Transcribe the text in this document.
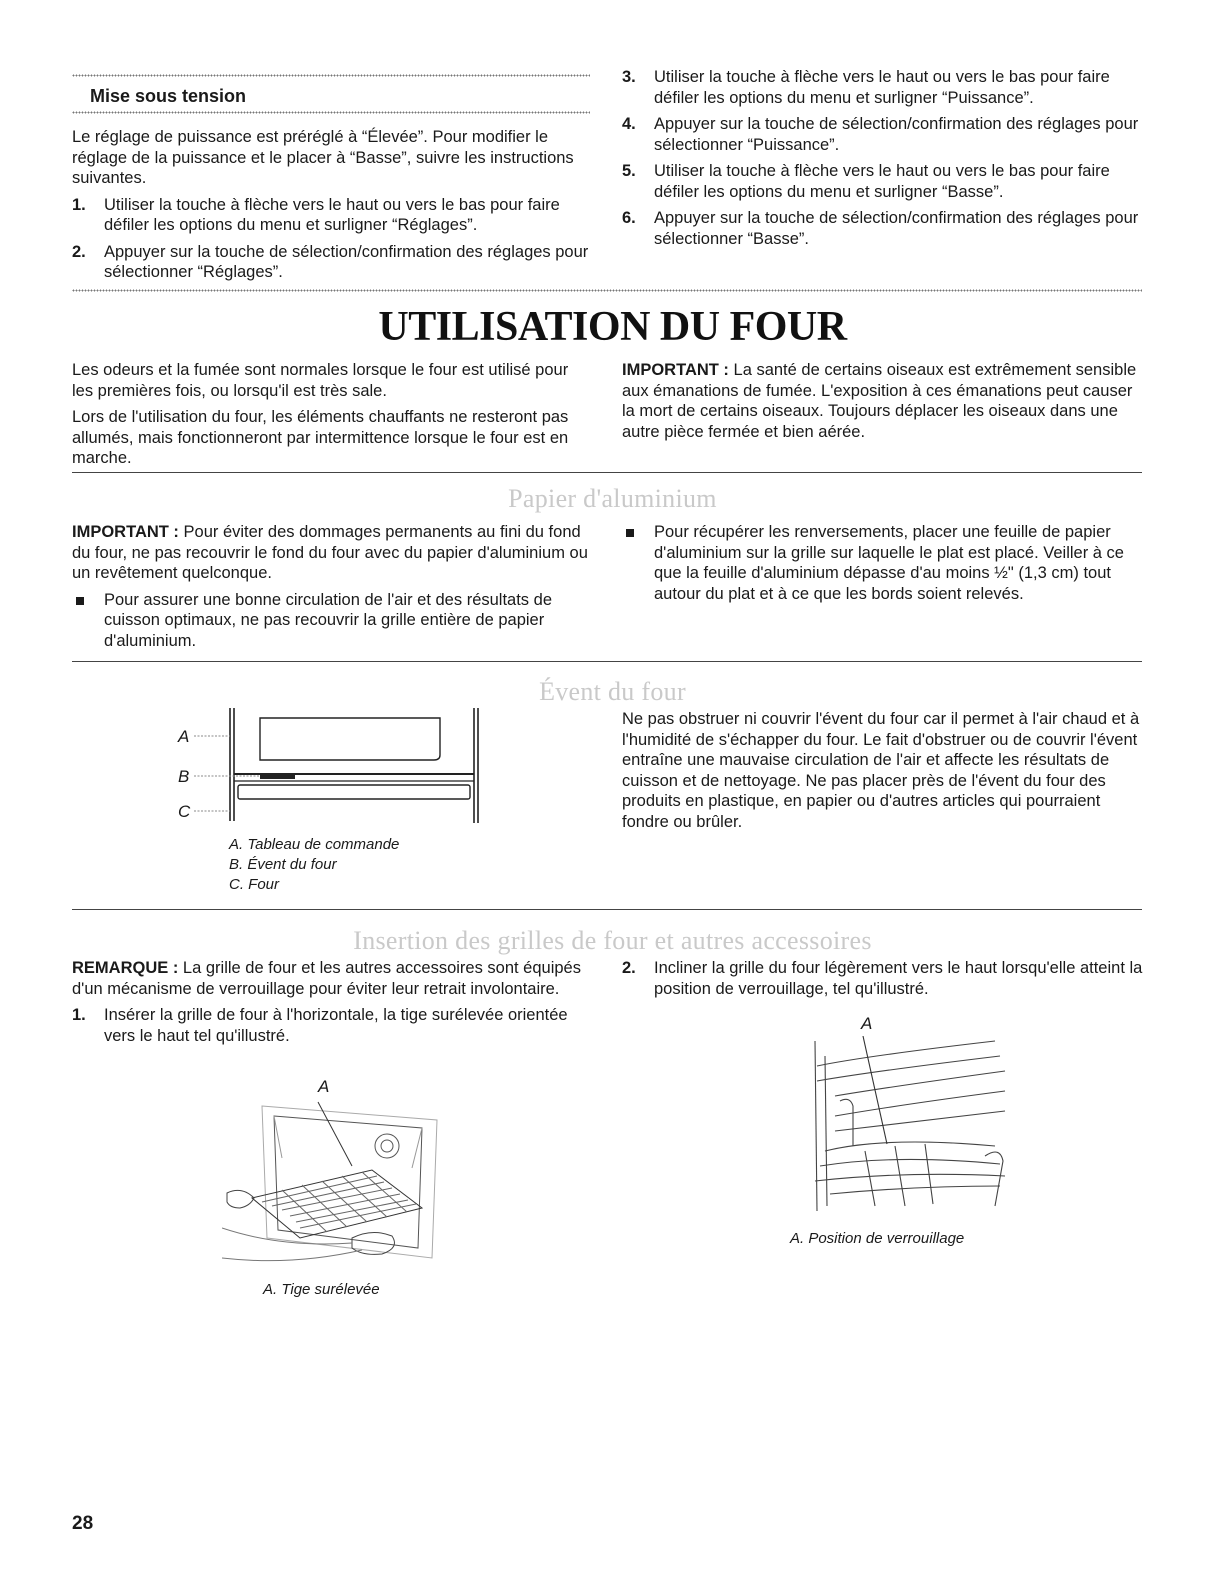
Mise sous tension

Le réglage de puissance est préréglé à “Élevée”. Pour modifier le réglage de la puissance et le placer à “Basse”, suivre les instructions suivantes.

1. Utiliser la touche à flèche vers le haut ou vers le bas pour faire défiler les options du menu et surligner “Réglages”.
2. Appuyer sur la touche de sélection/confirmation des réglages pour sélectionner “Réglages”.
3. Utiliser la touche à flèche vers le haut ou vers le bas pour faire défiler les options du menu et surligner “Puissance”.
4. Appuyer sur la touche de sélection/confirmation des réglages pour sélectionner “Puissance”.
5. Utiliser la touche à flèche vers le haut ou vers le bas pour faire défiler les options du menu et surligner “Basse”.
6. Appuyer sur la touche de sélection/confirmation des réglages pour sélectionner “Basse”.
UTILISATION DU FOUR

Les odeurs et la fumée sont normales lorsque le four est utilisé pour les premières fois, ou lorsqu'il est très sale.

Lors de l'utilisation du four, les éléments chauffants ne resteront pas allumés, mais fonctionneront par intermittence lorsque le four est en marche.

IMPORTANT : La santé de certains oiseaux est extrêmement sensible aux émanations de fumée. L'exposition à ces émanations peut causer la mort de certains oiseaux. Toujours déplacer les oiseaux dans une autre pièce fermée et bien aérée.

Papier d'aluminium

IMPORTANT : Pour éviter des dommages permanents au fini du fond du four, ne pas recouvrir le fond du four avec du papier d'aluminium ou un revêtement quelconque.

Pour assurer une bonne circulation de l'air et des résultats de cuisson optimaux, ne pas recouvrir la grille entière de papier d'aluminium.
Pour récupérer les renversements, placer une feuille de papier d'aluminium sur la grille sur laquelle le plat est placé. Veiller à ce que la feuille d'aluminium dépasse d'au moins ½" (1,3 cm) tout autour du plat et à ce que les bords soient relevés.
Évent du four
A
B
C
A. Tableau de commande
B. Évent du four
C. Four
Ne pas obstruer ni couvrir l'évent du four car il permet à l'air chaud et à l'humidité de s'échapper du four. Le fait d'obstruer ou de couvrir l'évent entraîne une mauvaise circulation de l'air et affecte les résultats de cuisson et de nettoyage. Ne pas placer près de l'évent du four des produits en plastique, en papier ou d'autres articles qui pourraient fondre ou brûler.
Insertion des grilles de four et autres accessoires

REMARQUE : La grille de four et les autres accessoires sont équipés d'un mécanisme de verrouillage pour éviter leur retrait involontaire.

1. Insérer la grille de four à l'horizontale, la tige surélevée orientée vers le haut tel qu'illustré.
2. Incliner la grille du four légèrement vers le haut lorsqu'elle atteint la position de verrouillage, tel qu'illustré.
A
A. Tige surélevée
A
A. Position de verrouillage
28
